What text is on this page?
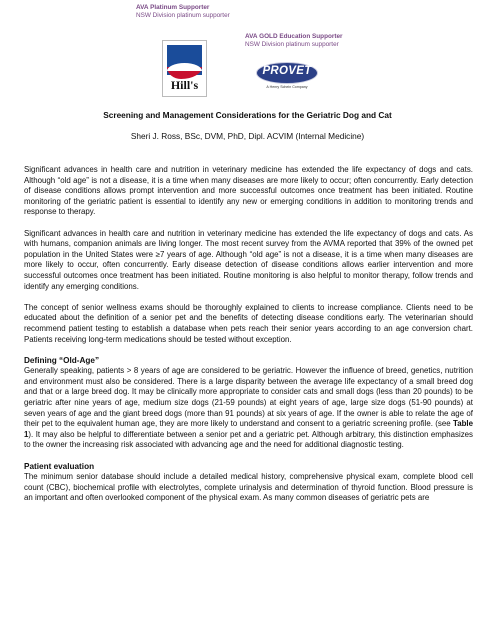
AVA Platinum Supporter
NSW Division platinum supporter
Hill's
AVA GOLD Education Supporter
NSW Division platinum supporter
PROVET
A Henry Schein Company
Screening and Management Considerations for the Geriatric Dog and Cat
Sheri J. Ross, BSc, DVM, PhD, Dipl. ACVIM (Internal Medicine)

Significant advances in health care and nutrition in veterinary medicine has extended the life expectancy of dogs and cats. Although “old age” is not a disease, it is a time when many diseases are more likely to occur; often concurrently. Early detection of disease conditions allows prompt intervention and more successful outcomes once treatment has been initiated. Routine monitoring of the geriatric patient is essential to identify any new or emerging conditions in addition to monitoring trends and response to therapy.

Significant advances in health care and nutrition in veterinary medicine has extended the life expectancy of dogs and cats. As with humans, companion animals are living longer. The most recent survey from the AVMA reported that 39% of the owned pet population in the United States were ≥7 years of age. Although “old age” is not a disease, it is a time when many diseases are more likely to occur, often concurrently. Early disease detection of disease conditions allows earlier intervention and more successful outcomes once treatment has been initiated. Routine monitoring is also helpful to monitor therapy, follow trends and identify any emerging conditions.

The concept of senior wellness exams should be thoroughly explained to clients to increase compliance. Clients need to be educated about the definition of a senior pet and the benefits of detecting disease conditions early. The veterinarian should recommend patient testing to establish a database when pets reach their senior years according to an age conversion chart. Patients receiving long-term medications should be tested without exception.

Defining “Old-Age”

Generally speaking, patients > 8 years of age are considered to be geriatric. However the influence of breed, genetics, nutrition and environment must also be considered. There is a large disparity between the average life expectancy of a small breed dog and that or a large breed dog. It may be clinically more appropriate to consider cats and small dogs (less than 20 pounds) to be geriatric after nine years of age, medium size dogs (21-59 pounds) at eight years of age, large size dogs (51-90 pounds) at seven years of age and the giant breed dogs (more than 91 pounds) at six years of age. If the owner is able to relate the age of their pet to the equivalent human age, they are more likely to understand and consent to a geriatric screening profile. (see Table 1). It may also be helpful to differentiate between a senior pet and a geriatric pet. Although arbitrary, this distinction emphasizes to the owner the increasing risk associated with advancing age and the need for additional diagnostic testing.

Patient evaluation

The minimum senior database should include a detailed medical history, comprehensive physical exam, complete blood cell count (CBC), biochemical profile with electrolytes, complete urinalysis and determination of thyroid function. Blood pressure is an important and often overlooked component of the physical exam. As many common diseases of geriatric pets are
